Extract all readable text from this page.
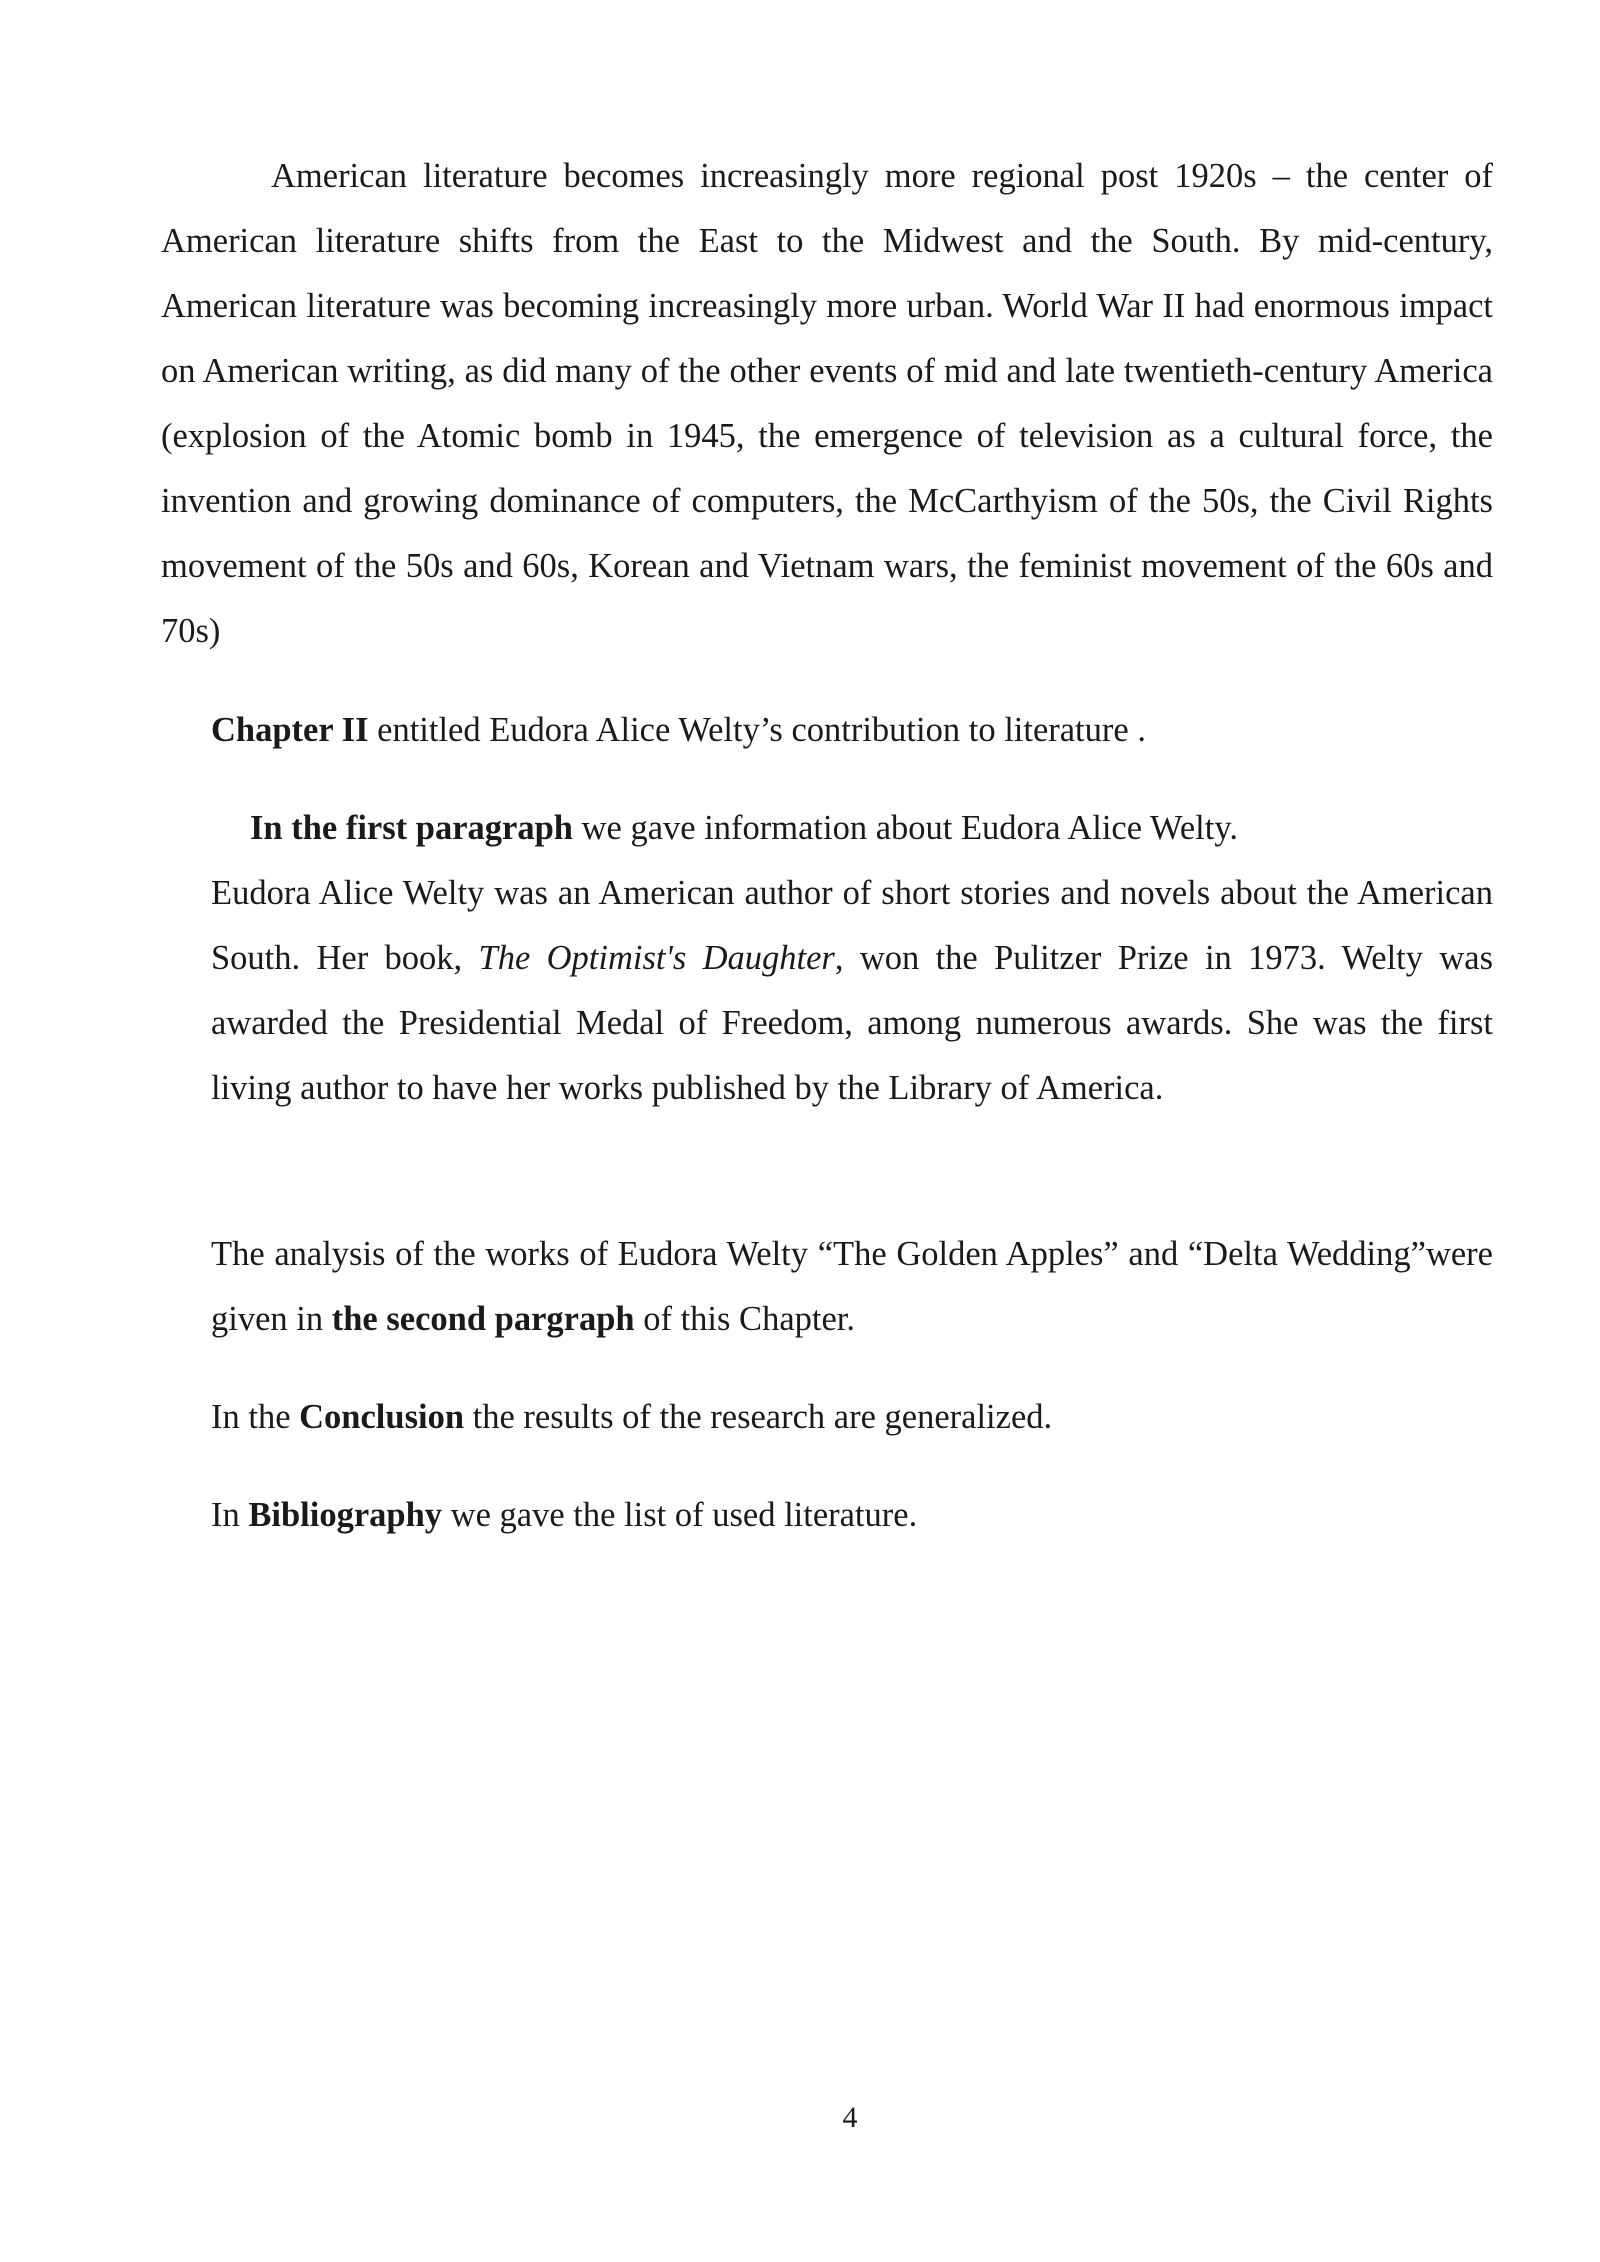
American literature becomes increasingly more regional post 1920s – the center of American literature shifts from the East to the Midwest and the South. By mid-century, American literature was becoming increasingly more urban. World War II had enormous impact on American writing, as did many of the other events of mid and late twentieth-century America (explosion of the Atomic bomb in 1945, the emergence of television as a cultural force, the invention and growing dominance of computers, the McCarthyism of the 50s, the Civil Rights movement of the 50s and 60s, Korean and Vietnam wars, the feminist movement of the 60s and 70s)

Chapter II entitled Eudora Alice Welty’s contribution to literature .

In the first paragraph we gave information about Eudora Alice Welty.

Eudora Alice Welty was an American author of short stories and novels about the American South. Her book, The Optimist's Daughter, won the Pulitzer Prize in 1973. Welty was awarded the Presidential Medal of Freedom, among numerous awards. She was the first living author to have her works published by the Library of America.

The analysis of the works of Eudora Welty “The Golden Apples” and “Delta Wedding”were given in the second pargraph of this Chapter.

In the Conclusion the results of the research are generalized.

In Bibliography we gave the list of used literature.

4
